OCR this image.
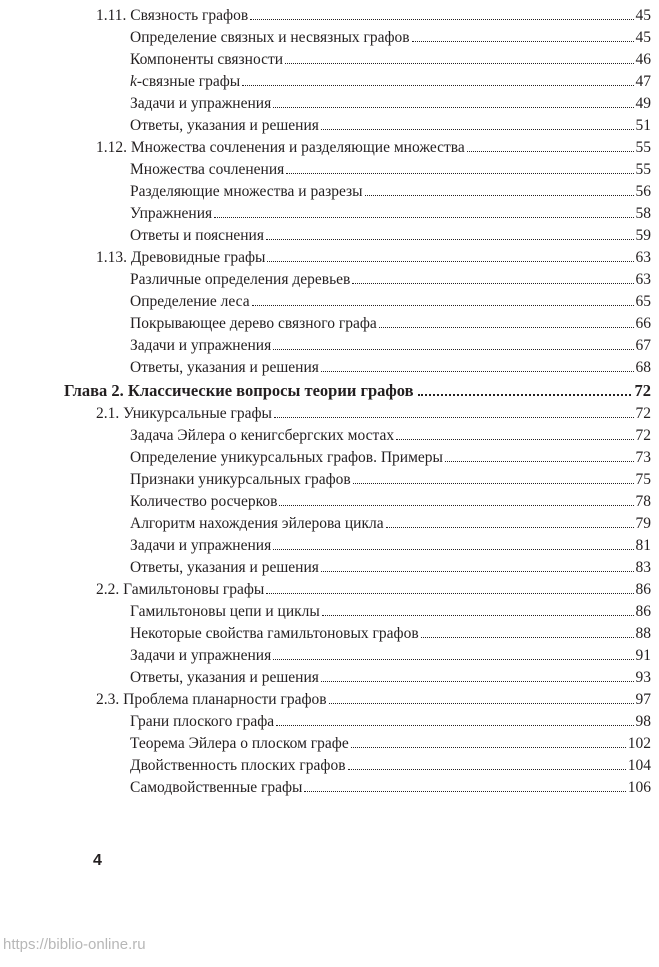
1.11. Связность графов	45
Определение связных и несвязных графов	45
Компоненты связности	46
k-связные графы	47
Задачи и упражнения	49
Ответы, указания и решения	51
1.12. Множества сочленения и разделяющие множества	55
Множества сочленения	55
Разделяющие множества и разрезы	56
Упражнения	58
Ответы и пояснения	59
1.13. Древовидные графы	63
Различные определения деревьев	63
Определение леса	65
Покрывающее дерево связного графа	66
Задачи и упражнения	67
Ответы, указания и решения	68
Глава 2. Классические вопросы теории графов	72
2.1. Уникурсальные графы	72
Задача Эйлера о кенигсбергских мостах	72
Определение уникурсальных графов. Примеры	73
Признаки уникурсальных графов	75
Количество росчерков	78
Алгоритм нахождения эйлерова цикла	79
Задачи и упражнения	81
Ответы, указания и решения	83
2.2. Гамильтоновы графы	86
Гамильтоновы цепи и циклы	86
Некоторые свойства гамильтоновых графов	88
Задачи и упражнения	91
Ответы, указания и решения	93
2.3. Проблема планарности графов	97
Грани плоского графа	98
Теорема Эйлера о плоском графе	102
Двойственность плоских графов	104
Самодвойственные графы	106
4
https://biblio-online.ru
